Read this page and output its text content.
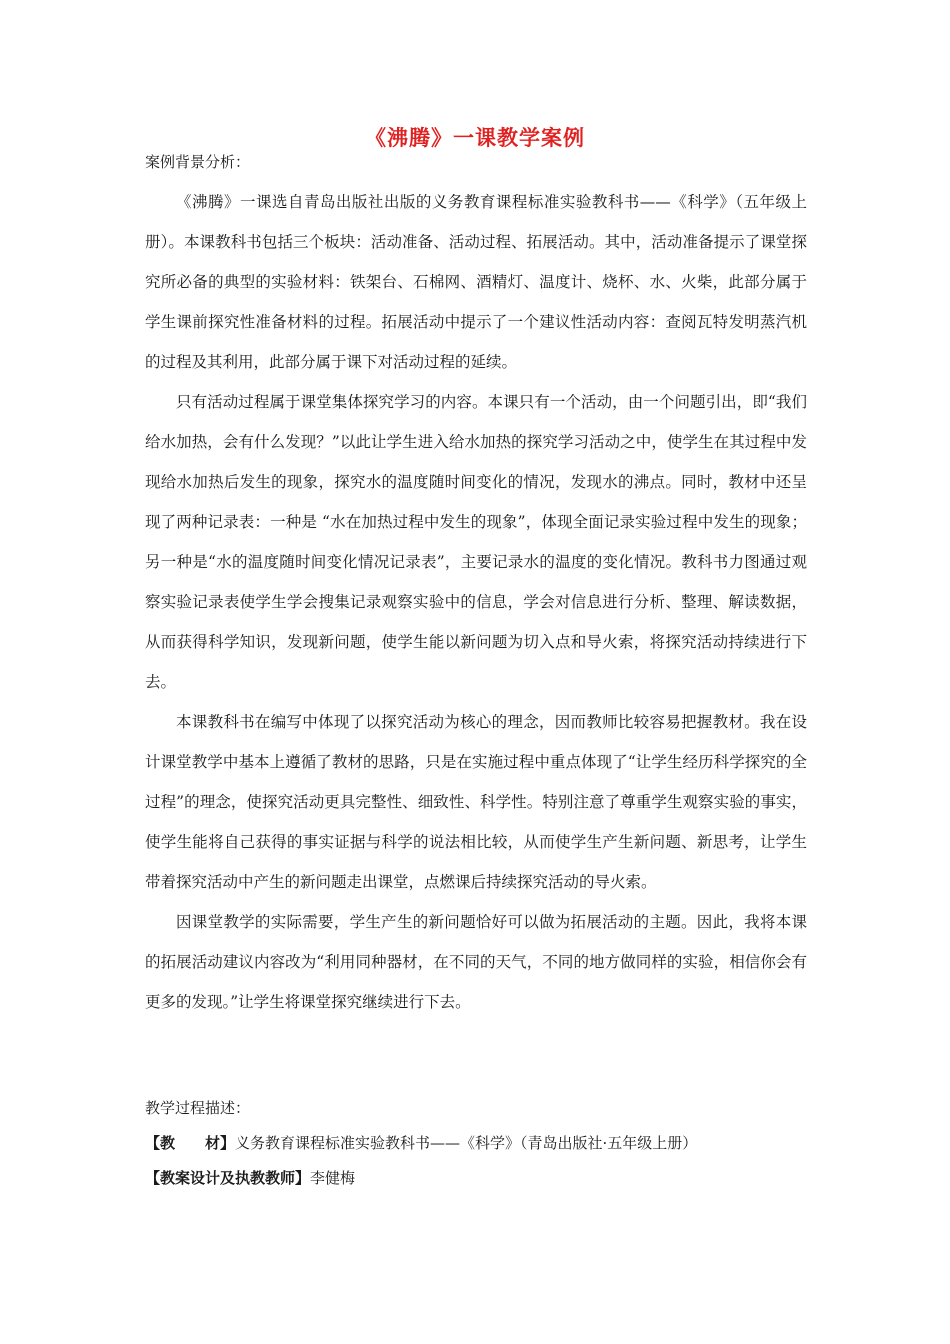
《沸腾》一课教学案例
案例背景分析：

《沸腾》一课选自青岛出版社出版的义务教育课程标准实验教科书——《科学》（五年级上册）。本课教科书包括三个板块：活动准备、活动过程、拓展活动。其中，活动准备提示了课堂探究所必备的典型的实验材料：铁架台、石棉网、酒精灯、温度计、烧杯、水、火柴，此部分属于学生课前探究性准备材料的过程。拓展活动中提示了一个建议性活动内容：查阅瓦特发明蒸汽机的过程及其利用，此部分属于课下对活动过程的延续。

只有活动过程属于课堂集体探究学习的内容。本课只有一个活动，由一个问题引出，即“我们给水加热，会有什么发现？”以此让学生进入给水加热的探究学习活动之中，使学生在其过程中发现给水加热后发生的现象，探究水的温度随时间变化的情况，发现水的沸点。同时，教材中还呈现了两种记录表：一种是 “水在加热过程中发生的现象”，体现全面记录实验过程中发生的现象；另一种是“水的温度随时间变化情况记录表”，主要记录水的温度的变化情况。教科书力图通过观察实验记录表使学生学会搜集记录观察实验中的信息，学会对信息进行分析、整理、解读数据，从而获得科学知识，发现新问题，使学生能以新问题为切入点和导火索，将探究活动持续进行下去。

本课教科书在编写中体现了以探究活动为核心的理念，因而教师比较容易把握教材。我在设计课堂教学中基本上遵循了教材的思路，只是在实施过程中重点体现了“让学生经历科学探究的全过程”的理念，使探究活动更具完整性、细致性、科学性。特别注意了尊重学生观察实验的事实，使学生能将自己获得的事实证据与科学的说法相比较，从而使学生产生新问题、新思考，让学生带着探究活动中产生的新问题走出课堂，点燃课后持续探究活动的导火索。

因课堂教学的实际需要，学生产生的新问题恰好可以做为拓展活动的主题。因此，我将本课的拓展活动建议内容改为“利用同种器材，在不同的天气，不同的地方做同样的实验，相信你会有更多的发现。”让学生将课堂探究继续进行下去。

教学过程描述：
【教　　材】义务教育课程标准实验教科书——《科学》（青岛出版社·五年级上册）
【教案设计及执教教师】李健梅
